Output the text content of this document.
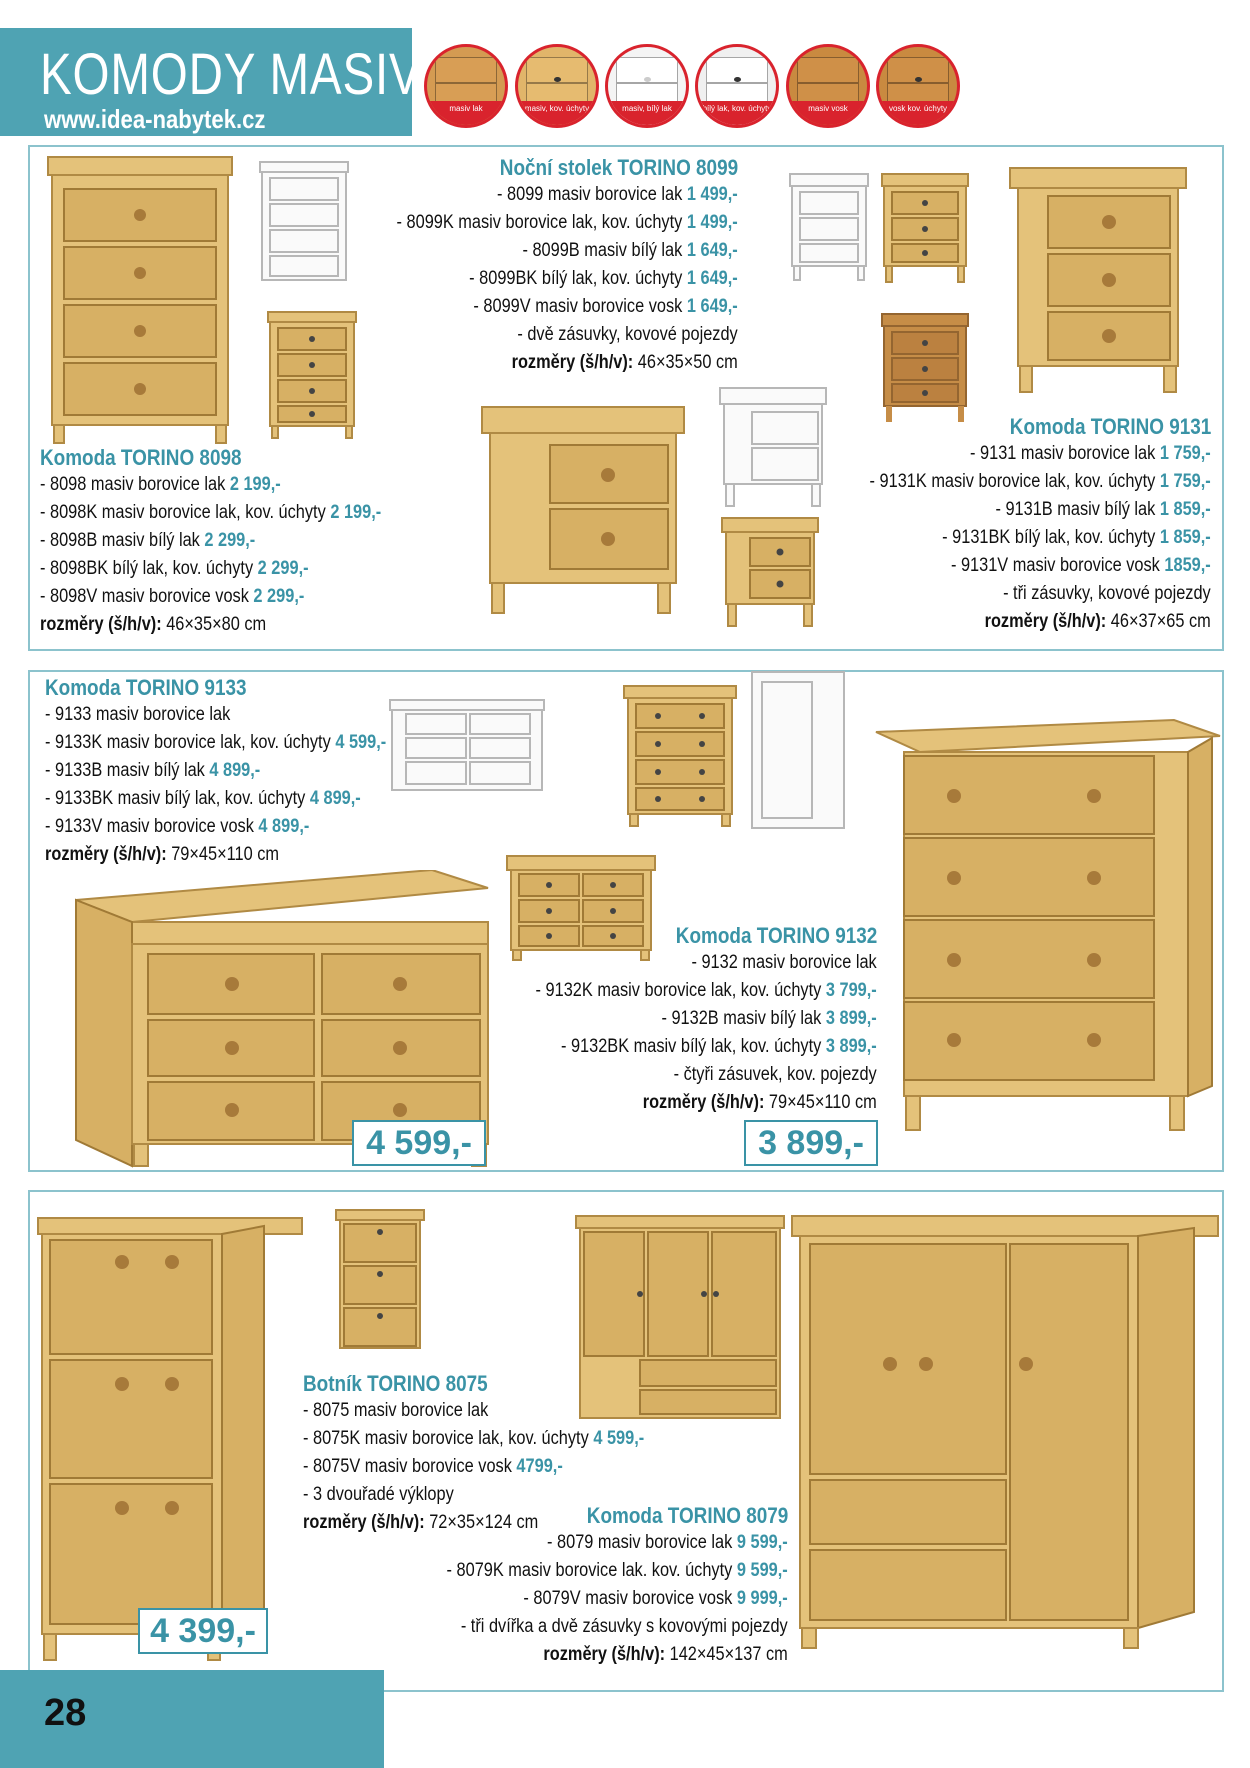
KOMODY MASIV
www.idea-nabytek.cz	masiv lak	masiv, kov. úchyty	masiv, bílý lak	bílý lak, kov. úchyty	masiv vosk	vosk kov. úchyty
Noční stolek TORINO 8099
- 8099 masiv borovice lak 1 499,-
- 8099K masiv borovice lak, kov. úchyty 1 499,-
- 8099B masiv bílý lak 1 649,-
- 8099BK bílý lak, kov. úchyty 1 649,-
- 8099V masiv borovice vosk 1 649,-
- dvě zásuvky, kovové pojezdy
rozměry (š/h/v): 46×35×50 cm
Komoda TORINO 8098
- 8098 masiv borovice lak 2 199,-
- 8098K masiv borovice lak, kov. úchyty 2 199,-
- 8098B masiv bílý lak 2 299,-
- 8098BK bílý lak, kov. úchyty 2 299,-
- 8098V masiv borovice vosk 2 299,-
rozměry (š/h/v): 46×35×80 cm
Komoda TORINO 9131
- 9131 masiv borovice lak 1 759,-
- 9131K masiv borovice lak, kov. úchyty 1 759,-
- 9131B masiv bílý lak 1 859,-
- 9131BK bílý lak, kov. úchyty 1 859,-
- 9131V masiv borovice vosk 1859,-
- tři zásuvky, kovové pojezdy
rozměry (š/h/v): 46×37×65 cm
Komoda TORINO 9133
- 9133 masiv borovice lak
- 9133K masiv borovice lak, kov. úchyty 4 599,-
- 9133B masiv bílý lak 4 899,-
- 9133BK masiv bílý lak, kov. úchyty 4 899,-
- 9133V masiv borovice vosk 4 899,-
rozměry (š/h/v): 79×45×110 cm
Komoda TORINO 9132
- 9132 masiv borovice lak
- 9132K masiv borovice lak, kov. úchyty 3 799,-
- 9132B masiv bílý lak 3 899,-
- 9132BK masiv bílý lak, kov. úchyty 3 899,-
- čtyři zásuvek, kov. pojezdy
rozměry (š/h/v): 79×45×110 cm
4 599,-	3 899,-
Botník TORINO 8075
- 8075 masiv borovice lak
- 8075K masiv borovice lak, kov. úchyty 4 599,-
- 8075V masiv borovice vosk 4799,-
- 3 dvouřadé výklopy
rozměry (š/h/v): 72×35×124 cm	Komoda TORINO 8079
- 8079 masiv borovice lak 9 599,-
- 8079K masiv borovice lak. kov. úchyty 9 599,-
- 8079V masiv borovice vosk 9 999,-
- tři dvířka a dvě zásuvky s kovovými pojezdy
rozměry (š/h/v): 142×45×137 cm
4 399,-
28
